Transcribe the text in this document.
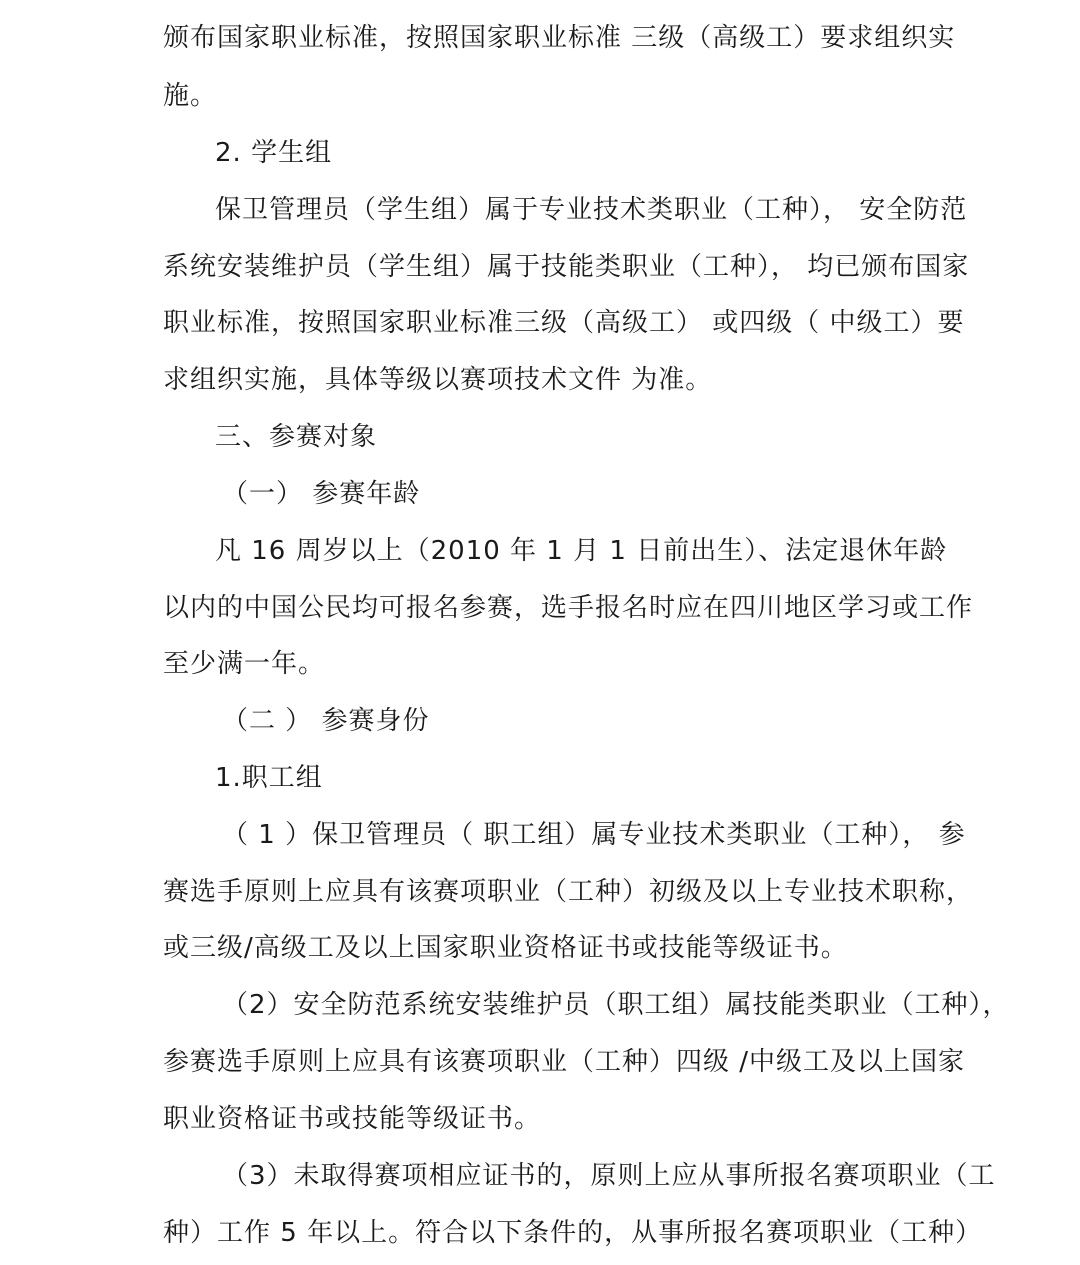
颁布国家职业标准，按照国家职业标准 三级（高级工）要求组织实
施。
2. 学生组
保卫管理员（学生组）属于专业技术类职业（工种）， 安全防范
系统安装维护员（学生组）属于技能类职业（工种）， 均已颁布国家
职业标准，按照国家职业标准三级（高级工） 或四级（ 中级工）要
求组织实施，具体等级以赛项技术文件 为准。
三、参赛对象
（一） 参赛年龄
凡 16 周岁以上（2010 年 1 月 1 日前出生）、法定退休年龄
以内的中国公民均可报名参赛，选手报名时应在四川地区学习或工作
至少满一年。
（二 ） 参赛身份
1.职工组
（ 1 ）保卫管理员（ 职工组）属专业技术类职业（工种）， 参
赛选手原则上应具有该赛项职业（工种）初级及以上专业技术职称，
或三级/高级工及以上国家职业资格证书或技能等级证书。
（2）安全防范系统安装维护员（职工组）属技能类职业（工种），
参赛选手原则上应具有该赛项职业（工种）四级 /中级工及以上国家
职业资格证书或技能等级证书。
（3）未取得赛项相应证书的，原则上应从事所报名赛项职业（工
种）工作 5 年以上。符合以下条件的，从事所报名赛项职业（工种）
